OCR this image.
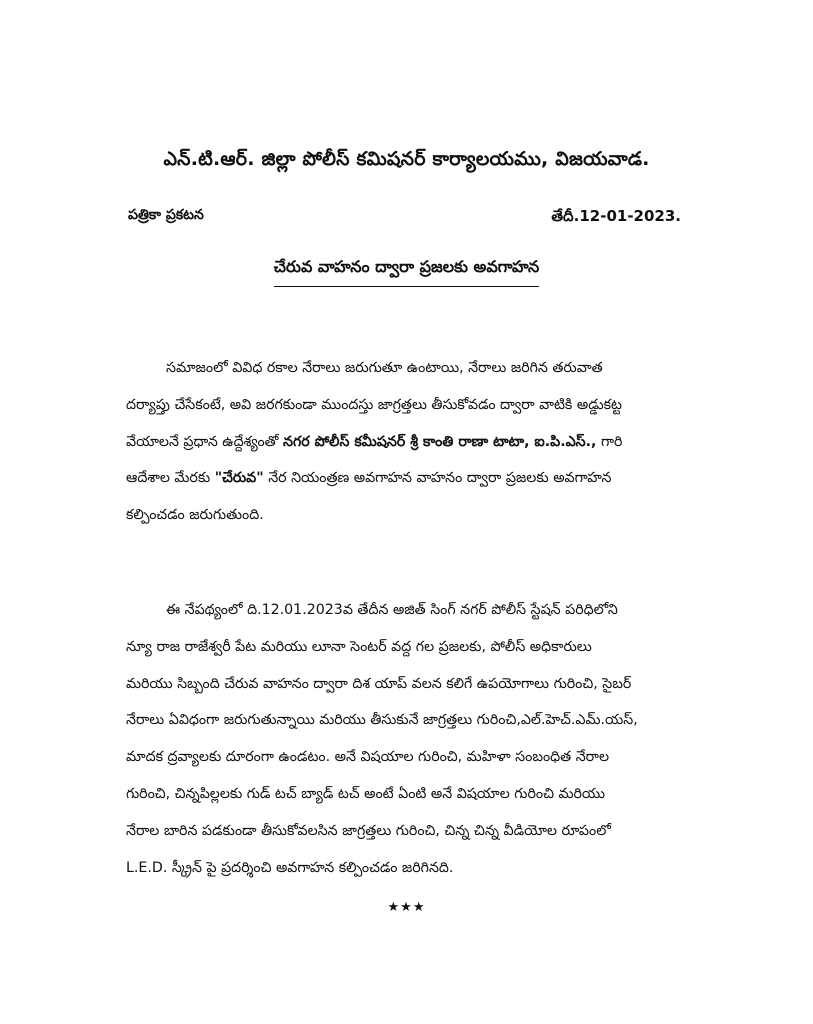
ఎన్.టి.ఆర్. జిల్లా పోలీస్ కమిషనర్ కార్యాలయము, విజయవాడ.
పత్రికా ప్రకటన	తేదీ.12-01-2023.
చేరువ వాహనం ద్వారా ప్రజలకు అవగాహన
సమాజంలో వివిధ రకాల నేరాలు జరుగుతూ ఉంటాయి, నేరాలు జరిగిన తరువాత
దర్యాప్తు చేసేకంటే, అవి జరగకుండా ముందస్తు జాగ్రత్తలు తీసుకోవడం ద్వారా వాటికి అడ్డుకట్ట
వేయాలనే ప్రధాన ఉద్దేశ్యంతో నగర పోలీస్ కమీషనర్ శ్రీ కాంతి రాణా టాటా, ఐ.పి.ఎస్., గారి
ఆదేశాల మేరకు "చేరువ" నేర నియంత్రణ అవగాహన వాహనం ద్వారా ప్రజలకు అవగాహన
కల్పించడం జరుగుతుంది.
ఈ నేపథ్యంలో ది.12.01.2023వ తేదీన అజిత్ సింగ్ నగర్ పోలీస్ స్టేషన్ పరిధిలోని
న్యూ రాజ రాజేశ్వరీ పేట మరియు లూనా సెంటర్ వద్ద గల ప్రజలకు, పోలీస్ అధికారులు
మరియు సిబ్బంది చేరువ వాహనం ద్వారా దిశ యాప్ వలన కలిగే ఉపయోగాలు గురించి, సైబర్
నేరాలు ఏవిధంగా జరుగుతున్నాయి మరియు తీసుకునే జాగ్రత్తలు గురించి,ఎల్.హెచ్.ఎమ్.యస్,
మాదక ద్రవ్యాలకు దూరంగా ఉండటం. అనే విషయాల గురించి, మహిళా సంబంధిత నేరాల
గురించి, చిన్నపిల్లలకు గుడ్ టచ్ బ్యాడ్ టచ్ అంటే ఏంటి అనే విషయాల గురించి మరియు
నేరాల బారిన పడకుండా తీసుకోవలసిన జాగ్రత్తలు గురించి, చిన్న చిన్న వీడియోల రూపంలో
L.E.D. స్క్రీన్ పై ప్రదర్శించి అవగాహన కల్పించడం జరిగినది.
★★★
